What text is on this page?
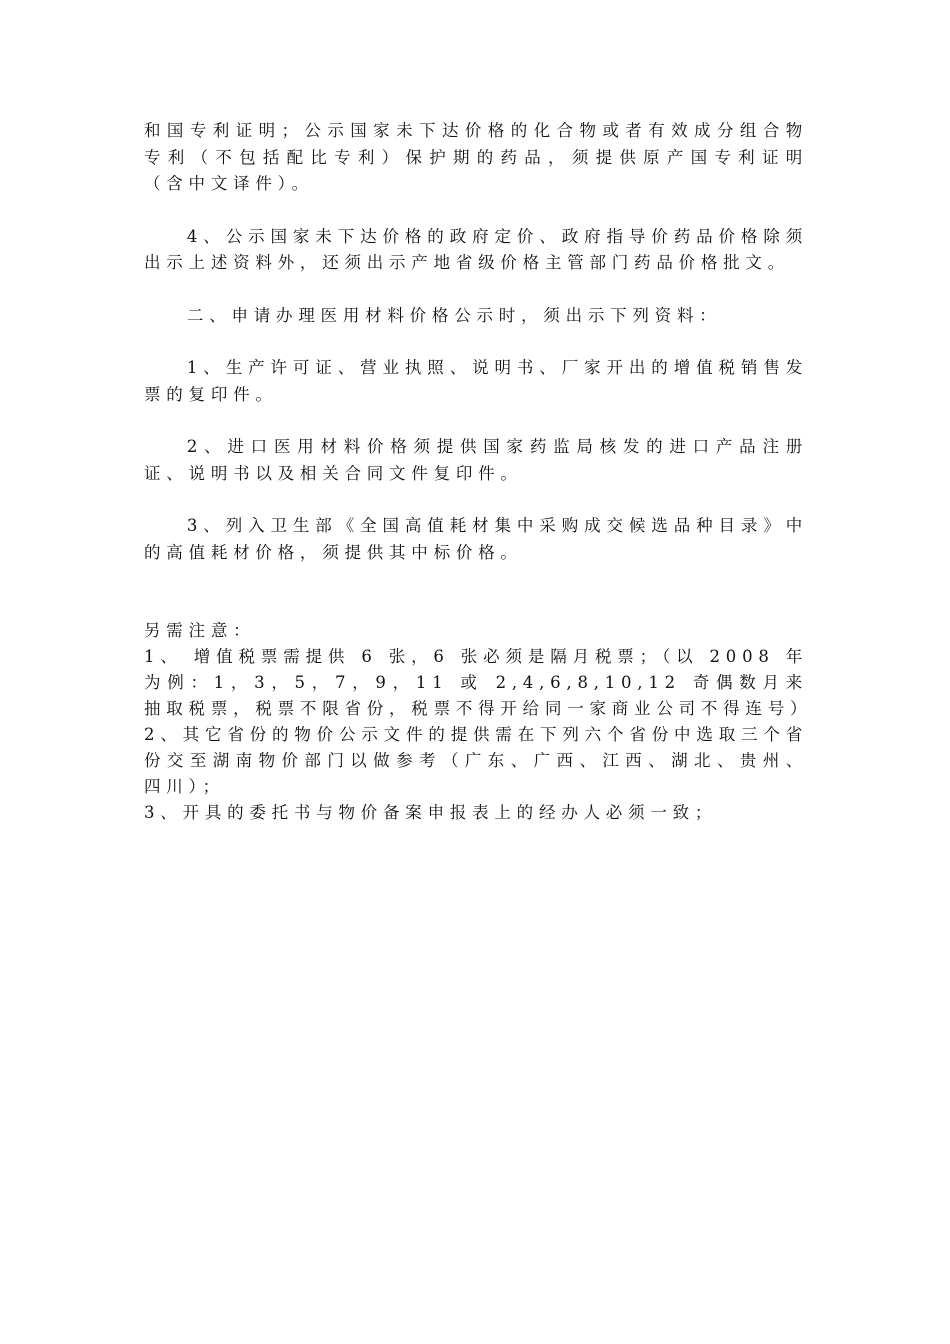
和国专利证明；公示国家未下达价格的化合物或者有效成分组合物专利（不包括配比专利）保护期的药品，须提供原产国专利证明（含中文译件）。

4、公示国家未下达价格的政府定价、政府指导价药品价格除须出示上述资料外，还须出示产地省级价格主管部门药品价格批文。

二、申请办理医用材料价格公示时，须出示下列资料：

1、生产许可证、营业执照、说明书、厂家开出的增值税销售发票的复印件。

2、进口医用材料价格须提供国家药监局核发的进口产品注册证、说明书以及相关合同文件复印件。

3、列入卫生部《全国高值耗材集中采购成交候选品种目录》中的高值耗材价格，须提供其中标价格。

另需注意：

1、 增值税票需提供 6 张，6 张必须是隔月税票；（以 2008 年为例：1，3，5，7，9，11 或 2,4,6,8,10,12 奇偶数月来抽取税票，税票不限省份，税票不得开给同一家商业公司不得连号）

2、其它省份的物价公示文件的提供需在下列六个省份中选取三个省份交至湖南物价部门以做参考（广东、广西、江西、湖北、贵州、四川）；

3、开具的委托书与物价备案申报表上的经办人必须一致；
